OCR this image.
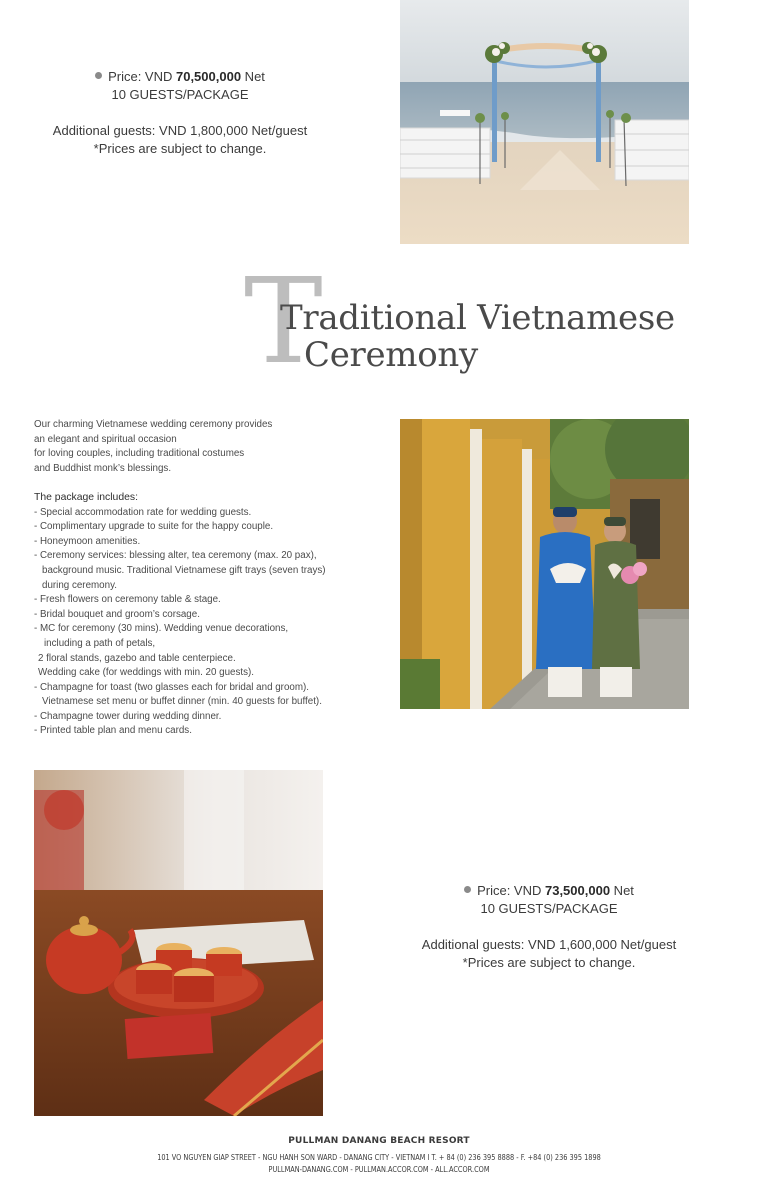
Price: VND 70,500,000 Net
10 GUESTS/PACKAGE
Additional guests: VND 1,800,000 Net/guest
*Prices are subject to change.
T
Traditional Vietnamese
Ceremony

Our charming Vietnamese wedding ceremony provides

an elegant and spiritual occasion

for loving couples, including traditional costumes

and Buddhist monk’s blessings.

The package includes:

- Special accommodation rate for wedding guests.
- Complimentary upgrade to suite for the happy couple.
- Honeymoon amenities.
- Ceremony services: blessing alter, tea ceremony (max. 20 pax),
background music. Traditional Vietnamese gift trays (seven trays)
during ceremony.
- Fresh flowers on ceremony table & stage.
- Bridal bouquet and groom’s corsage.
- MC for ceremony (30 mins). Wedding venue decorations,
including a path of petals,
2 floral stands, gazebo and table centerpiece.
Wedding cake (for weddings with min. 20 guests).
- Champagne for toast (two glasses each for bridal and groom).
Vietnamese set menu or buffet dinner (min. 40 guests for buffet).
- Champagne tower during wedding dinner.
- Printed table plan and menu cards.
Price: VND 73,500,000 Net
10 GUESTS/PACKAGE
Additional guests: VND 1,600,000 Net/guest
*Prices are subject to change.
PULLMAN DANANG BEACH RESORT
101 VO NGUYEN GIAP STREET - NGU HANH SON WARD - DANANG CITY - VIETNAM I T. + 84 (0) 236 395 8888 - F. +84 (0) 236 395 1898
PULLMAN-DANANG.COM - PULLMAN.ACCOR.COM - ALL.ACCOR.COM
